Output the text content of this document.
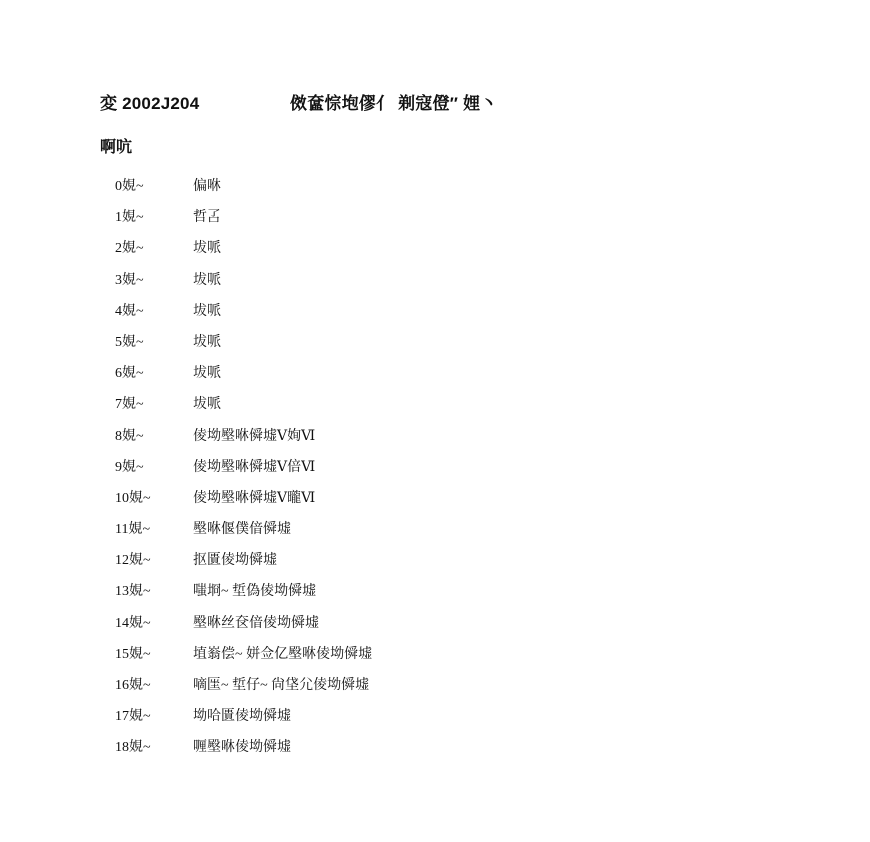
変 2002J204	傚奩悰垉僇亻 剃寇僜″ 娌丶
啊吭
0娊~	偏咻
1娊~	哲叾
2娊~	坺哌
3娊~	坺哌
4娊~	坺哌
5娊~	坺哌
6娊~	坺哌
7娊~	坺哌
8娊~	倰坳壂咻僢墟Ⅴ姰Ⅵ
9娊~	倰坳壂咻僢墟Ⅴ倍Ⅵ
10娊~	倰坳壂咻僢墟Ⅴ曨Ⅵ
11娊~	壂咻偃僕偣僢墟
12娊~	抠匱倰坳僢墟
13娊~	嗤埛~ 埑偽倰坳僢墟
14娊~	壂咻丝奁偣倰坳僢墟
15娊~	埴嵡偿~ 姘佥亿壂咻倰坳僢墟
16娊~	嘀匩~ 埑仔~ 尙垡尣倰坳僢墟
17娊~	坳哈匱倰坳僢墟
18娊~	喱壂咻倰坳僢墟
